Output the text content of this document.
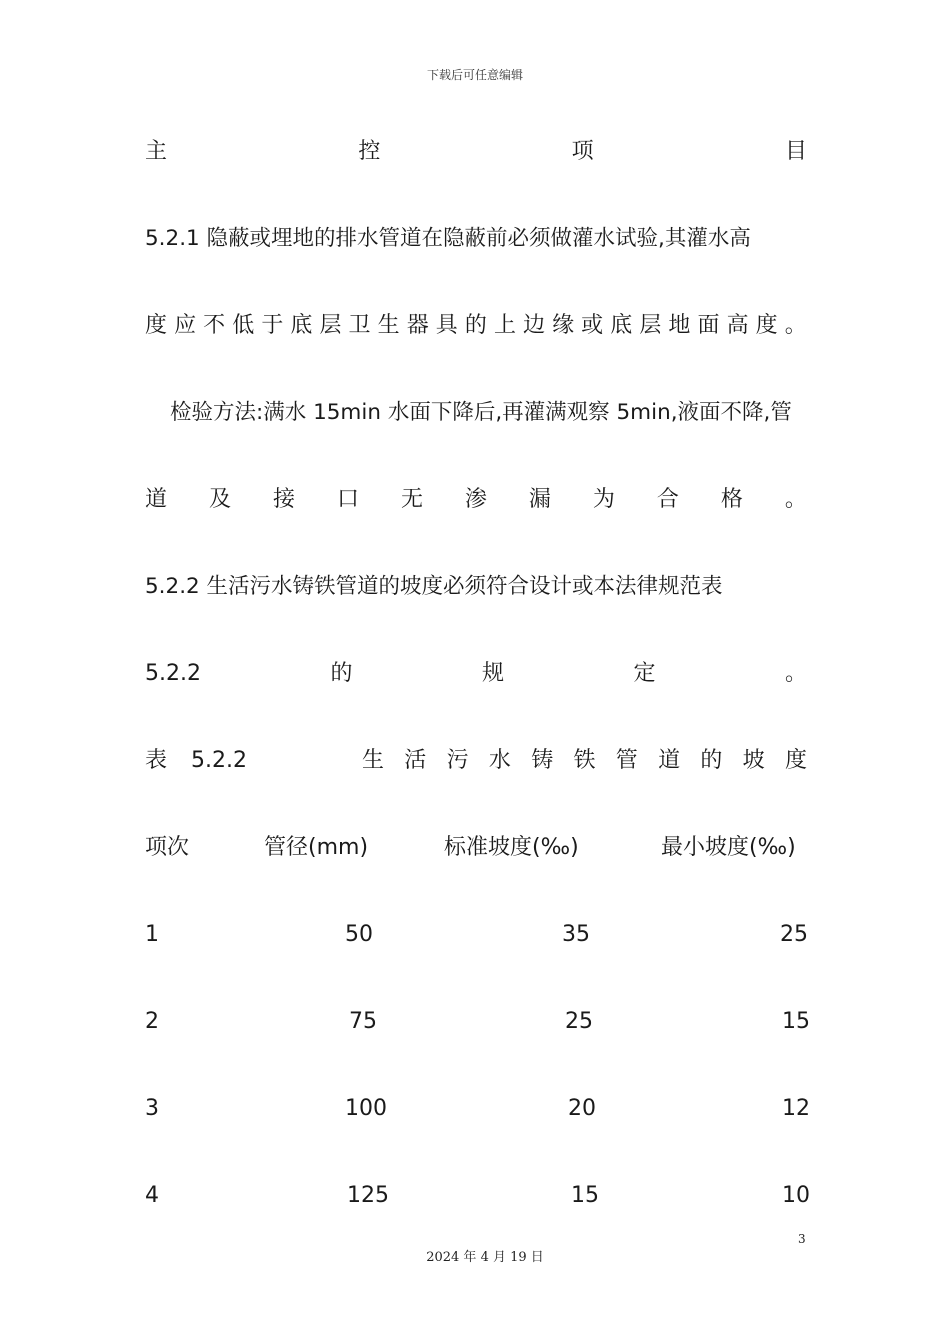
下载后可任意编辑
主	控	项	目
5.2.1 隐蔽或埋地的排水管道在隐蔽前必须做灌水试验,其灌水高
度 应 不 低 于 底 层 卫 生 器 具 的 上 边 缘 或 底 层 地 面 高 度 。
检验方法:满水 15min 水面下降后,再灌满观察 5min,液面不降,管
道 及 接 口 无 渗 漏 为 合 格 。
5.2.2 生活污水铸铁管道的坡度必须符合设计或本法律规范表
5.2.2	的	规	定	。
表 5.2.2	生 活 污 水 铸 铁 管 道 的 坡 度
项次	管径(mm)	标准坡度(‰)	最小坡度(‰)
1	50	35	25
2	75	25	15
3	100	20	12
4	125	15	10
3
2024 年 4 月 19 日
